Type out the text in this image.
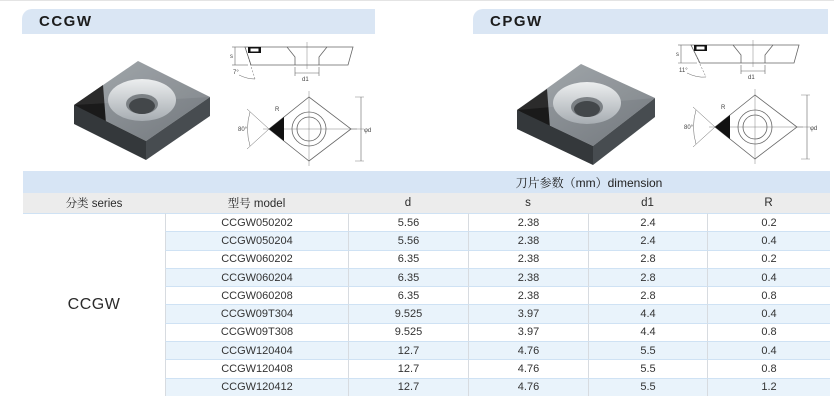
CCGW
s
7°
d1
80°
R
φd
CPGW
s
11°
d1
80°
R
φd
刀片参数（mm）dimension
分类 series	型号 model	d	s	d1	R
CCGW
CCGW050202	5.56	2.38	2.4	0.2
CCGW050204	5.56	2.38	2.4	0.4
CCGW060202	6.35	2.38	2.8	0.2
CCGW060204	6.35	2.38	2.8	0.4
CCGW060208	6.35	2.38	2.8	0.8
CCGW09T304	9.525	3.97	4.4	0.4
CCGW09T308	9.525	3.97	4.4	0.8
CCGW120404	12.7	4.76	5.5	0.4
CCGW120408	12.7	4.76	5.5	0.8
CCGW120412	12.7	4.76	5.5	1.2
